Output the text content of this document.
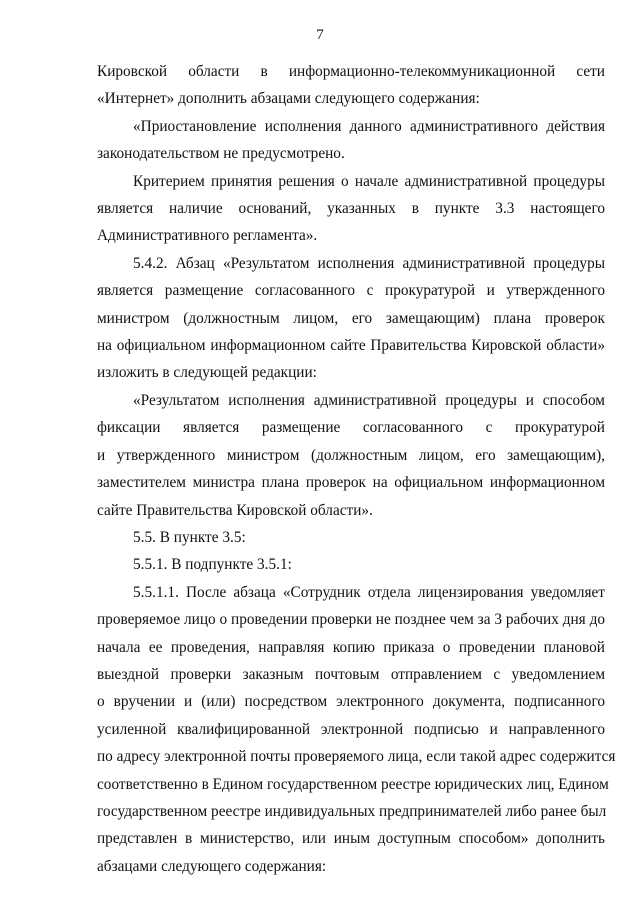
7

Кировской области в информационно-телекоммуникационной сети
«Интернет» дополнить абзацами следующего содержания:

«Приостановление исполнения данного административного действия
законодательством не предусмотрено.

Критерием принятия решения о начале административной процедуры
является наличие оснований, указанных в пункте 3.3 настоящего
Административного регламента».

5.4.2. Абзац «Результатом исполнения административной процедуры
является размещение согласованного с прокуратурой и утвержденного
министром (должностным лицом, его замещающим) плана проверок
на официальном информационном сайте Правительства Кировской области»
изложить в следующей редакции:

«Результатом исполнения административной процедуры и способом
фиксации является размещение согласованного с прокуратурой
и утвержденного министром (должностным лицом, его замещающим),
заместителем министра плана проверок на официальном информационном
сайте Правительства Кировской области».

5.5. В пункте 3.5:

5.5.1. В подпункте 3.5.1:

5.5.1.1. После абзаца «Сотрудник отдела лицензирования уведомляет
проверяемое лицо о проведении проверки не позднее чем за 3 рабочих дня до
начала ее проведения, направляя копию приказа о проведении плановой
выездной проверки заказным почтовым отправлением с уведомлением
о вручении и (или) посредством электронного документа, подписанного
усиленной квалифицированной электронной подписью и направленного
по адресу электронной почты проверяемого лица, если такой адрес содержится
соответственно в Едином государственном реестре юридических лиц, Едином
государственном реестре индивидуальных предпринимателей либо ранее был
представлен в министерство, или иным доступным способом» дополнить
абзацами следующего содержания:
